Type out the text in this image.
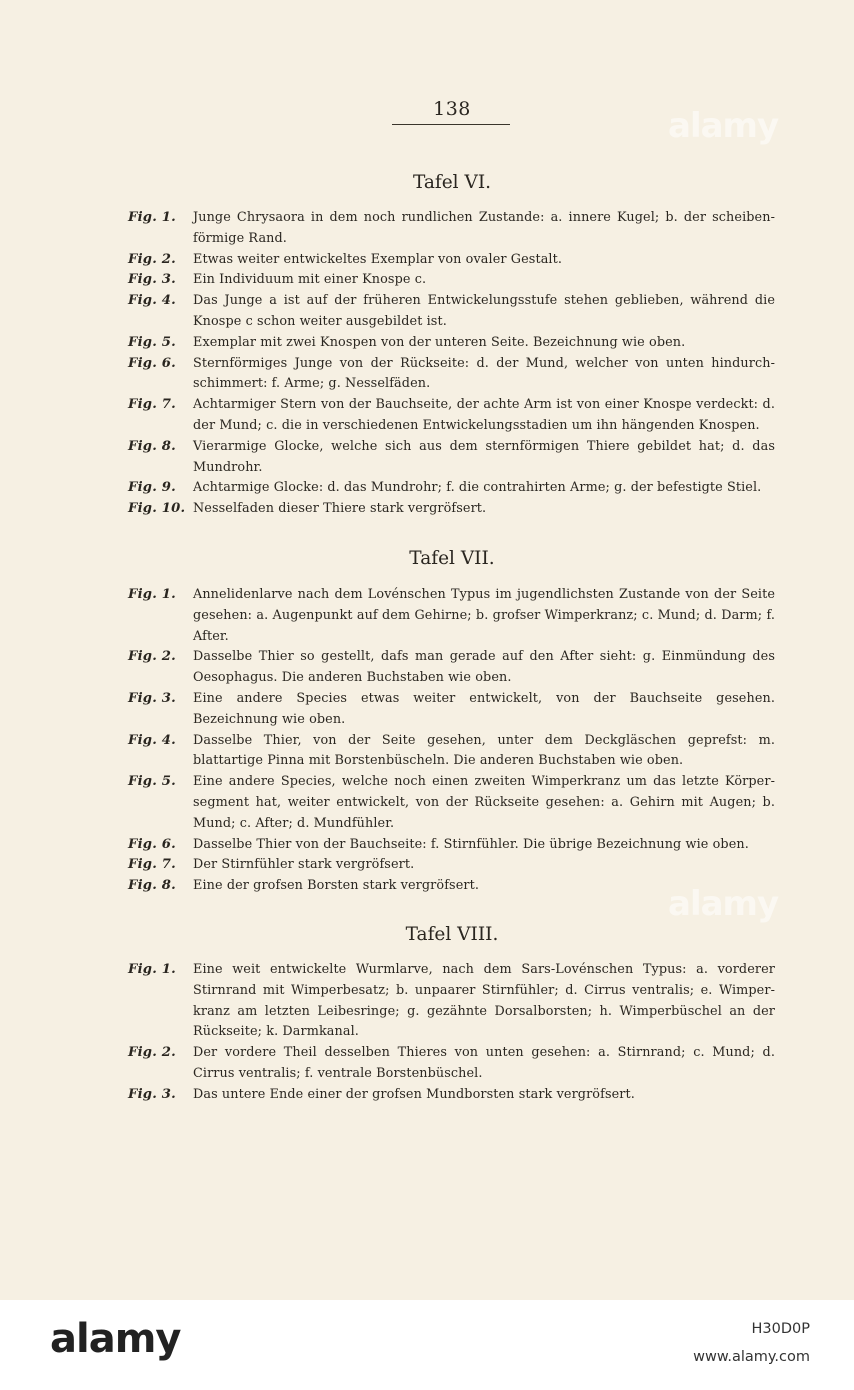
138
Tafel VI.
Fig. 1.	Junge Chrysaora in dem noch rundlichen Zustande: a. innere Kugel; b. der scheiben-förmige Rand.
Fig. 2.	Etwas weiter entwickeltes Exemplar von ovaler Gestalt.
Fig. 3.	Ein Individuum mit einer Knospe c.
Fig. 4.	Das Junge a ist auf der früheren Entwickelungsstufe stehen geblieben, während die Knospe c schon weiter ausgebildet ist.
Fig. 5.	Exemplar mit zwei Knospen von der unteren Seite. Bezeichnung wie oben.
Fig. 6.	Sternförmiges Junge von der Rückseite: d. der Mund, welcher von unten hindurch-schimmert: f. Arme; g. Nesselfäden.
Fig. 7.	Achtarmiger Stern von der Bauchseite, der achte Arm ist von einer Knospe verdeckt: d. der Mund; c. die in verschiedenen Entwickelungsstadien um ihn hängenden Knospen.
Fig. 8.	Vierarmige Glocke, welche sich aus dem sternförmigen Thiere gebildet hat; d. das Mundrohr.
Fig. 9.	Achtarmige Glocke: d. das Mundrohr; f. die contrahirten Arme; g. der befestigte Stiel.
Fig. 10. Nesselfaden dieser Thiere stark vergröfsert.
Tafel VII.
Fig. 1.	Annelidenlarve nach dem Lovénschen Typus im jugendlichsten Zustande von der Seite gesehen: a. Augenpunkt auf dem Gehirne; b. grofser Wimperkranz; c. Mund; d. Darm; f. After.
Fig. 2.	Dasselbe Thier so gestellt, dafs man gerade auf den After sieht: g. Einmündung des Oesophagus. Die anderen Buchstaben wie oben.
Fig. 3.	Eine andere Species etwas weiter entwickelt, von der Bauchseite gesehen. Bezeichnung wie oben.
Fig. 4.	Dasselbe Thier, von der Seite gesehen, unter dem Deckgläschen geprefst: m. blattartige Pinna mit Borstenbüscheln. Die anderen Buchstaben wie oben.
Fig. 5.	Eine andere Species, welche noch einen zweiten Wimperkranz um das letzte Körper-segment hat, weiter entwickelt, von der Rückseite gesehen: a. Gehirn mit Augen; b. Mund; c. After; d. Mundfühler.
Fig. 6.	Dasselbe Thier von der Bauchseite: f. Stirnfühler. Die übrige Bezeichnung wie oben.
Fig. 7.	Der Stirnfühler stark vergröfsert.
Fig. 8.	Eine der grofsen Borsten stark vergröfsert.
Tafel VIII.
Fig. 1.	Eine weit entwickelte Wurmlarve, nach dem Sars-Lovénschen Typus: a. vorderer Stirnrand mit Wimperbesatz; b. unpaarer Stirnfühler; d. Cirrus ventralis; e. Wimper-kranz am letzten Leibesringe; g. gezähnte Dorsalborsten; h. Wimperbüschel an der Rückseite; k. Darmkanal.
Fig. 2.	Der vordere Theil desselben Thieres von unten gesehen: a. Stirnrand; c. Mund; d. Cirrus ventralis; f. ventrale Borstenbüschel.
Fig. 3.	Das untere Ende einer der grofsen Mundborsten stark vergröfsert.
alamy
alamy
alamy	H30D0P
www.alamy.com
